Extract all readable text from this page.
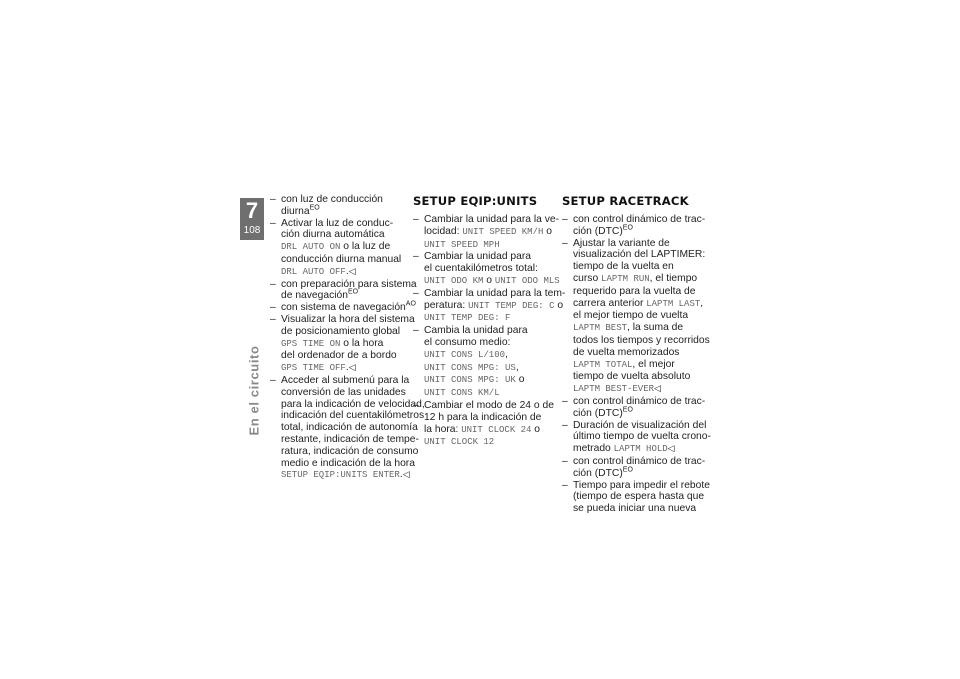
7
108
En el circuito
– con luz de conducción
diurna$^{EO}$
– Activar la luz de conduc-
ción diurna automática
DRL AUTO ON o la luz de
conducción diurna manual
DRL AUTO OFF.◁
– con preparación para sistema
de navegación$^{EO}$
– con sistema de navegación$^{AO}$
– Visualizar la hora del sistema
de posicionamiento global
GPS TIME ON o la hora
del ordenador de a bordo
GPS TIME OFF.◁
– Acceder al submenú para la
conversión de las unidades
para la indicación de velocidad,
indicación del cuentakilómetros
total, indicación de autonomía
restante, indicación de tempe-
ratura, indicación de consumo
medio e indicación de la hora
SETUP EQIP:UNITS ENTER.◁
SETUP EQIP:UNITS
– Cambiar la unidad para la ve-
locidad: UNIT SPEED KM/H o
UNIT SPEED MPH
– Cambiar la unidad para
el cuentakilómetros total:
UNIT ODO KM o UNIT ODO MLS
– Cambiar la unidad para la tem-
peratura: UNIT TEMP DEG: C o
UNIT TEMP DEG: F
– Cambia la unidad para
el consumo medio:
UNIT CONS L/100,
UNIT CONS MPG: US,
UNIT CONS MPG: UK o
UNIT CONS KM/L
– Cambiar el modo de 24 o de
12 h para la indicación de
la hora: UNIT CLOCK 24 o
UNIT CLOCK 12
SETUP RACETRACK
– con control dinámico de trac-
ción (DTC)$^{EO}$
– Ajustar la variante de
visualización del LAPTIMER:
tiempo de la vuelta en
curso LAPTM RUN, el tiempo
requerido para la vuelta de
carrera anterior LAPTM LAST,
el mejor tiempo de vuelta
LAPTM BEST, la suma de
todos los tiempos y recorridos
de vuelta memorizados
LAPTM TOTAL, el mejor
tiempo de vuelta absoluto
LAPTM BEST-EVER◁
– con control dinámico de trac-
ción (DTC)$^{EO}$
– Duración de visualización del
último tiempo de vuelta crono-
metrado LAPTM HOLD◁
– con control dinámico de trac-
ción (DTC)$^{EO}$
– Tiempo para impedir el rebote
(tiempo de espera hasta que
se pueda iniciar una nueva
